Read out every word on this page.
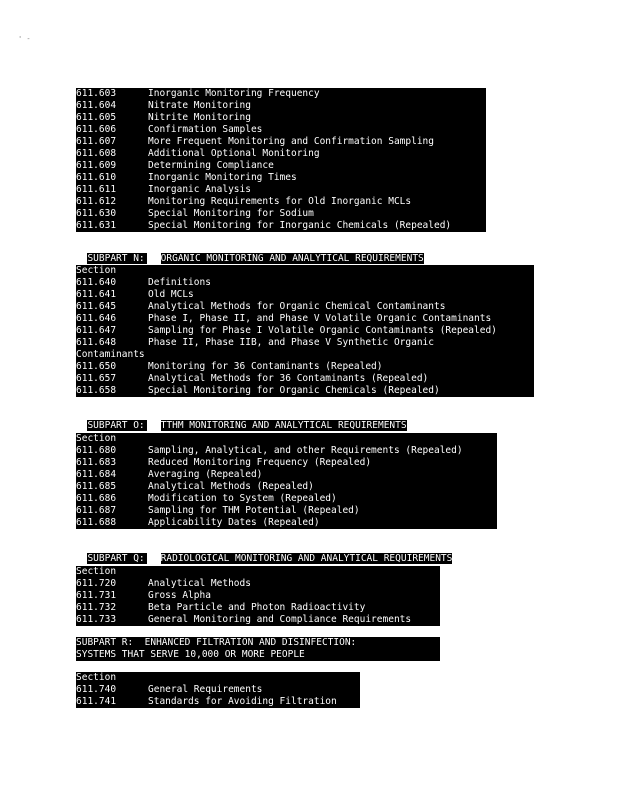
' -
611.603	Inorganic Monitoring Frequency
611.604	Nitrate Monitoring
611.605	Nitrite Monitoring
611.606	Confirmation Samples
611.607	More Frequent Monitoring and Confirmation Sampling
611.608	Additional Optional Monitoring
611.609	Determining Compliance
611.610	Inorganic Monitoring Times
611.611	Inorganic Analysis
611.612	Monitoring Requirements for Old Inorganic MCLs
611.630	Special Monitoring for Sodium
611.631	Special Monitoring for Inorganic Chemicals (Repealed)

SUBPART N: ORGANIC MONITORING AND ANALYTICAL REQUIREMENTS

Section
611.640	Definitions
611.641	Old MCLs
611.645	Analytical Methods for Organic Chemical Contaminants
611.646	Phase I, Phase II, and Phase V Volatile Organic Contaminants
611.647	Sampling for Phase I Volatile Organic Contaminants (Repealed)
611.648	Phase II, Phase IIB, and Phase V Synthetic Organic
Contaminants
611.650	Monitoring for 36 Contaminants (Repealed)
611.657	Analytical Methods for 36 Contaminants (Repealed)
611.658	Special Monitoring for Organic Chemicals (Repealed)

SUBPART O: TTHM MONITORING AND ANALYTICAL REQUIREMENTS

Section
611.680	Sampling, Analytical, and other Requirements (Repealed)
611.683	Reduced Monitoring Frequency (Repealed)
611.684	Averaging (Repealed)
611.685	Analytical Methods (Repealed)
611.686	Modification to System (Repealed)
611.687	Sampling for THM Potential (Repealed)
611.688	Applicability Dates (Repealed)

SUBPART Q: RADIOLOGICAL MONITORING AND ANALYTICAL REQUIREMENTS

Section
611.720	Analytical Methods
611.731	Gross Alpha
611.732	Beta Particle and Photon Radioactivity
611.733	General Monitoring and Compliance Requirements
SUBPART R:  ENHANCED FILTRATION AND DISINFECTION:
SYSTEMS THAT SERVE 10,000 OR MORE PEOPLE
Section
611.740	General Requirements
611.741	Standards for Avoiding Filtration
